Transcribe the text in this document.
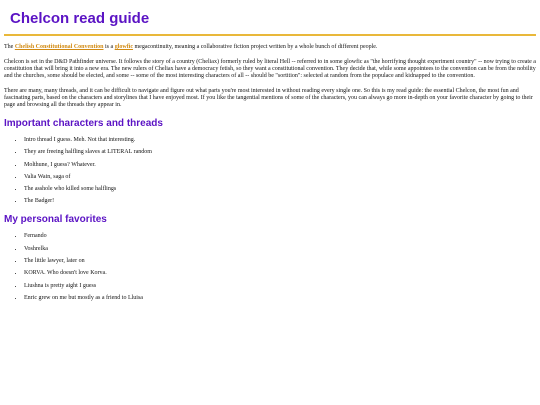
Chelcon read guide

The Chelish Constitutional Convention is a glowfic megacontinuity, meaning a collaborative fiction project written by a whole bunch of different people.

Chelcon is set in the D&D Pathfinder universe. It follows the story of a country (Cheliax) formerly ruled by literal Hell -- referred to in some glowfic as "the horrifying thought experiment country" -- now trying to create a constitution that will bring it into a new era. The new rulers of Cheliax have a democracy fetish, so they want a constitutional convention. They decide that, while some appointees to the convention can be from the nobility and the churches, some should be elected, and some -- some of the most interesting characters of all -- should be "sortition": selected at random from the populace and kidnapped to the convention.

There are many, many threads, and it can be difficult to navigate and figure out what parts you're most interested in without reading every single one. So this is my read guide: the essential Chelcon, the most fun and fascinating parts, based on the characters and storylines that I have enjoyed most. If you like the tangential mentions of some of the characters, you can always go more in-depth on your favorite character by going to their page and browsing all the threads they appear in.

Important characters and threads
• Intro thread I guess. Meh. Not that interesting.
• They are freeing halfling slaves at LITERAL random
• Molthune, I guess? Whatever.
• Valia Wain, saga of
• The asshole who killed some halflings
• The Badger!
My personal favorites
• Fernando
• Voshrelka
• The little lawyer, later on
• KORVA. Who doesn't love Korva.
• Liushna is pretty aight I guess
• Enric grew on me but mostly as a friend to Lluisa
